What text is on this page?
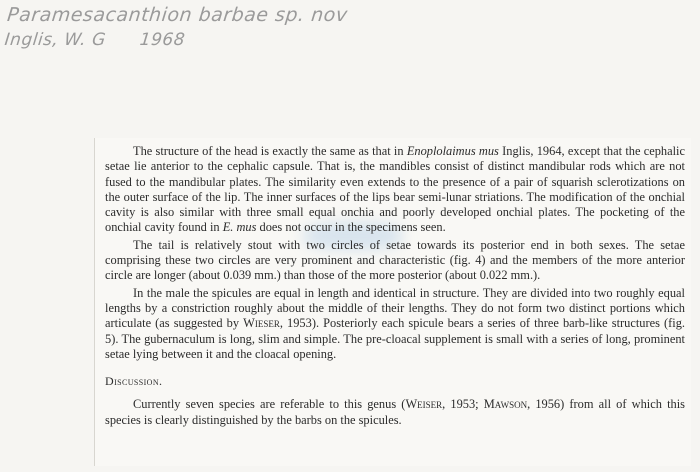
Paramesacanthion barbae sp. nov
Inglis, W. G 1968

The structure of the head is exactly the same as that in Enoplolaimus mus Inglis, 1964, except that the cephalic setae lie anterior to the cephalic capsule. That is, the mandibles consist of distinct mandibular rods which are not fused to the mandibular plates. The similarity even extends to the presence of a pair of squarish sclerotizations on the outer surface of the lip. The inner surfaces of the lips bear semi-lunar striations. The modification of the onchial cavity is also similar with three small equal onchia and poorly developed onchial plates. The pocketing of the onchial cavity found in E. mus does not occur in the specimens seen.

The tail is relatively stout with two circles of setae towards its posterior end in both sexes. The setae comprising these two circles are very prominent and characteristic (fig. 4) and the members of the more anterior circle are longer (about 0.039 mm.) than those of the more posterior (about 0.022 mm.).

In the male the spicules are equal in length and identical in structure. They are divided into two roughly equal lengths by a constriction roughly about the middle of their lengths. They do not form two distinct portions which articulate (as suggested by Wieser, 1953). Posteriorly each spicule bears a series of three barb-like structures (fig. 5). The gubernaculum is long, slim and simple. The pre-cloacal supplement is small with a series of long, prominent setae lying between it and the cloacal opening.

Discussion.

Currently seven species are referable to this genus (Weiser, 1953; Mawson, 1956) from all of which this species is clearly distinguished by the barbs on the spicules.
